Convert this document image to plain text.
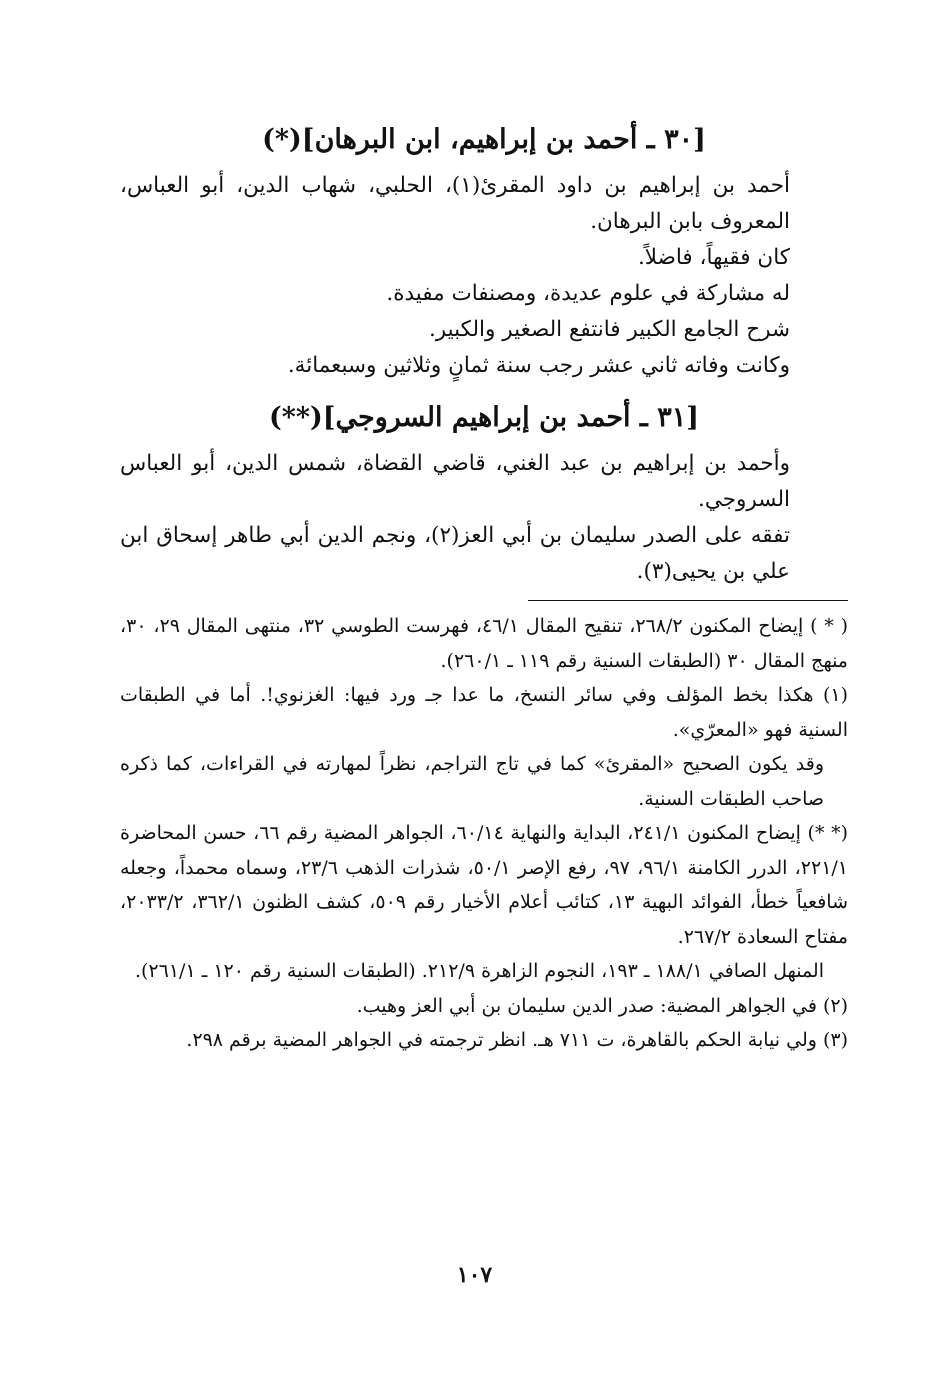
[٣٠ ـ أحمد بن إبراهيم، ابن البرهان](*)

أحمد بن إبراهيم بن داود المقرئ(١)، الحلبي، شهاب الدين، أبو العباس، المعروف بابن البرهان.

كان فقيهاً، فاضلاً.

له مشاركة في علوم عديدة، ومصنفات مفيدة.

شرح الجامع الكبير فانتفع الصغير والكبير.

وكانت وفاته ثاني عشر رجب سنة ثمانٍ وثلاثين وسبعمائة.

[٣١ ـ أحمد بن إبراهيم السروجي](**)

وأحمد بن إبراهيم بن عبد الغني، قاضي القضاة، شمس الدين، أبو العباس السروجي.

تفقه على الصدر سليمان بن أبي العز(٢)، ونجم الدين أبي طاهر إسحاق ابن علي بن يحيى(٣).

( * ) إيضاح المكنون ٢٦٨/٢، تنقيح المقال ٤٦/١، فهرست الطوسي ٣٢، منتهى المقال ٢٩، ٣٠، منهج المقال ٣٠ (الطبقات السنية رقم ١١٩ ـ ٢٦٠/١).

(١) هكذا بخط المؤلف وفي سائر النسخ، ما عدا جـ ورد فيها: الغزنوي!. أما في الطبقات السنية فهو «المعرّي».

وقد يكون الصحيح «المقرئ» كما في تاج التراجم، نظراً لمهارته في القراءات، كما ذكره صاحب الطبقات السنية.

(* *) إيضاح المكنون ٢٤١/١، البداية والنهاية ٦٠/١٤، الجواهر المضية رقم ٦٦، حسن المحاضرة ٢٢١/١، الدرر الكامنة ٩٦/١، ٩٧، رفع الإصر ٥٠/١، شذرات الذهب ٢٣/٦، وسماه محمداً، وجعله شافعياً خطأ، الفوائد البهية ١٣، كتائب أعلام الأخيار رقم ٥٠٩، كشف الظنون ٣٦٢/١، ٢٠٣٣/٢، مفتاح السعادة ٢٦٧/٢.

المنهل الصافي ١٨٨/١ ـ ١٩٣، النجوم الزاهرة ٢١٢/٩. (الطبقات السنية رقم ١٢٠ ـ ٢٦١/١).

(٢) في الجواهر المضية: صدر الدين سليمان بن أبي العز وهيب.

(٣) ولي نيابة الحكم بالقاهرة، ت ٧١١ هـ. انظر ترجمته في الجواهر المضية برقم ٢٩٨.

١٠٧
